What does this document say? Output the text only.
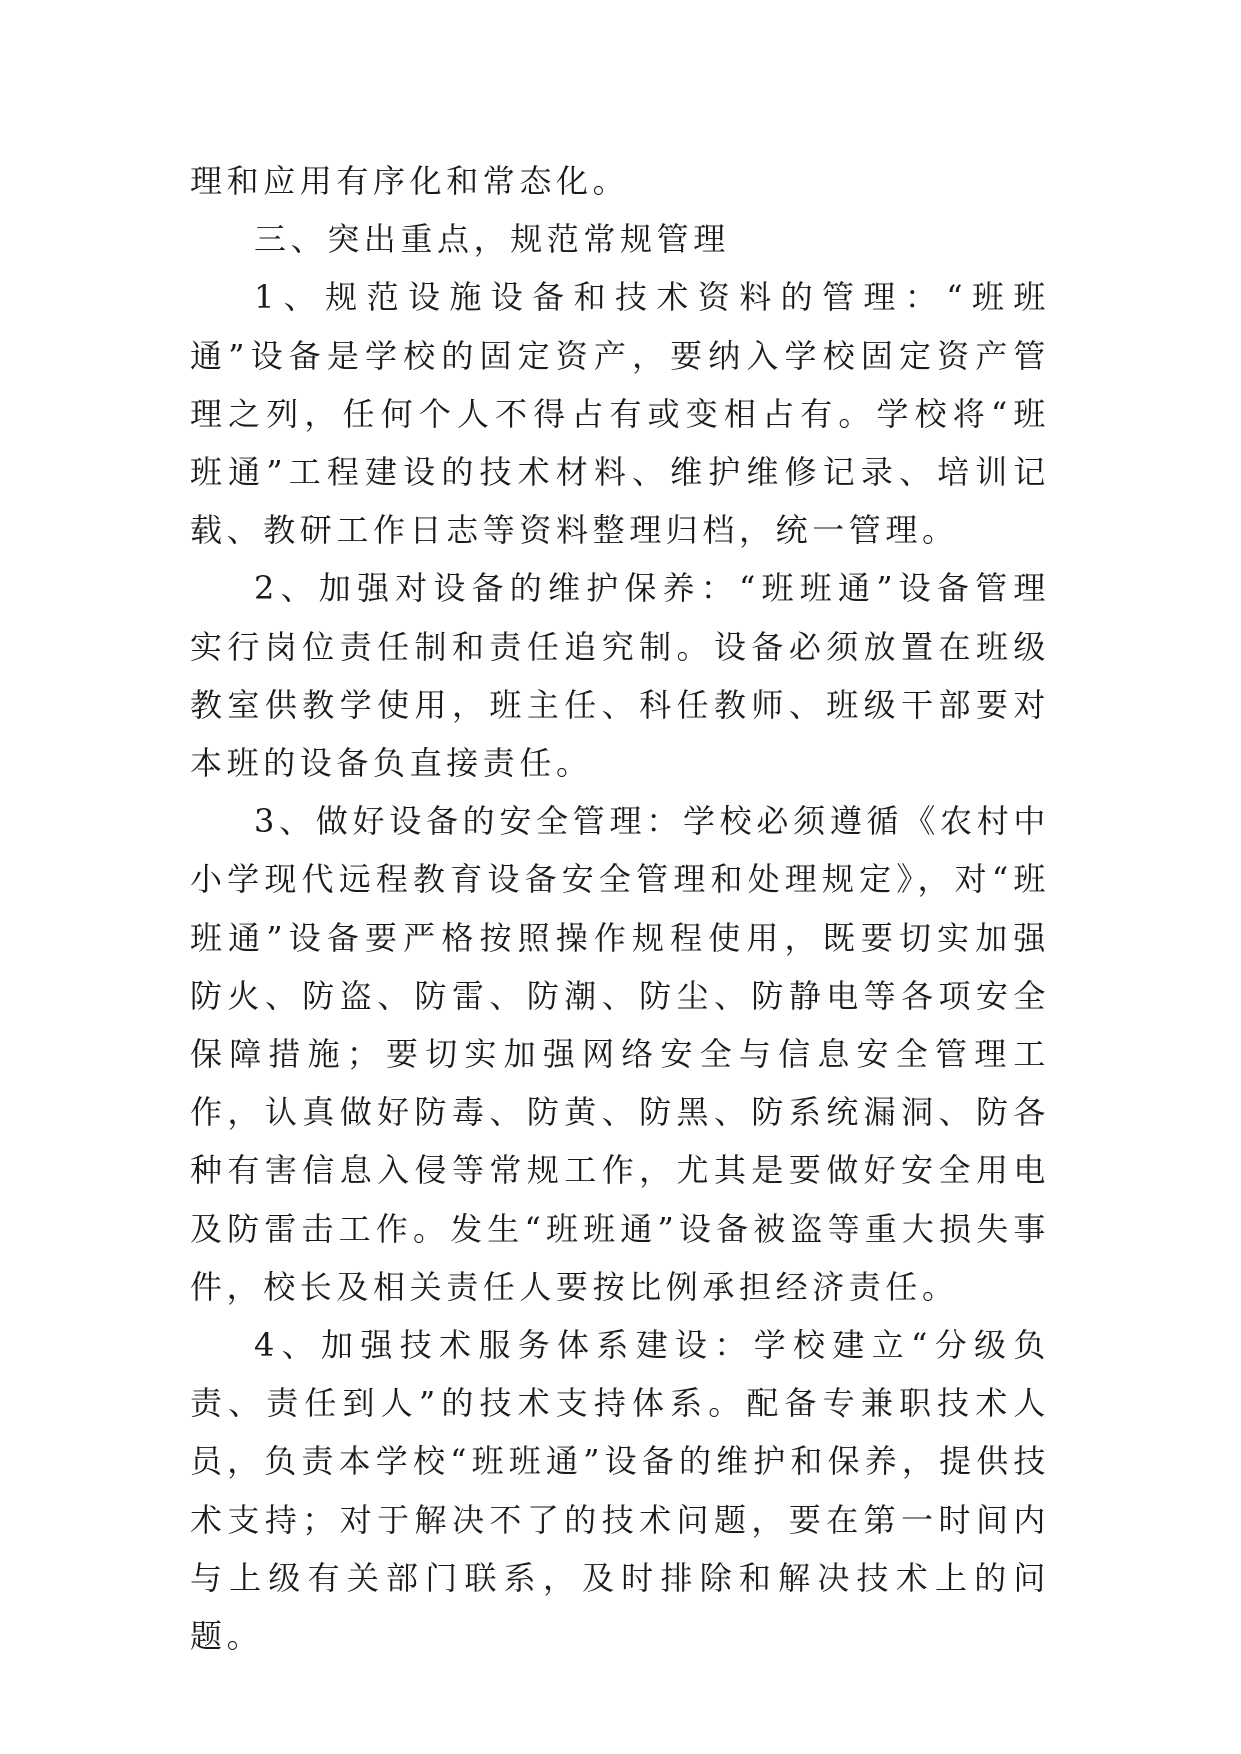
理和应用有序化和常态化。

三、突出重点，规范常规管理

1、规范设施设备和技术资料的管理：“班班通”设备是学校的固定资产，要纳入学校固定资产管理之列，任何个人不得占有或变相占有。学校将“班班通”工程建设的技术材料、维护维修记录、培训记载、教研工作日志等资料整理归档，统一管理。

2、加强对设备的维护保养：“班班通”设备管理实行岗位责任制和责任追究制。设备必须放置在班级教室供教学使用，班主任、科任教师、班级干部要对本班的设备负直接责任。

3、做好设备的安全管理：学校必须遵循《农村中小学现代远程教育设备安全管理和处理规定》，对“班班通”设备要严格按照操作规程使用，既要切实加强防火、防盗、防雷、防潮、防尘、防静电等各项安全保障措施；要切实加强网络安全与信息安全管理工作，认真做好防毒、防黄、防黑、防系统漏洞、防各种有害信息入侵等常规工作，尤其是要做好安全用电及防雷击工作。发生“班班通”设备被盗等重大损失事件，校长及相关责任人要按比例承担经济责任。

4、加强技术服务体系建设：学校建立“分级负责、责任到人”的技术支持体系。配备专兼职技术人员，负责本学校“班班通”设备的维护和保养，提供技术支持；对于解决不了的技术问题，要在第一时间内与上级有关部门联系，及时排除和解决技术上的问题。
